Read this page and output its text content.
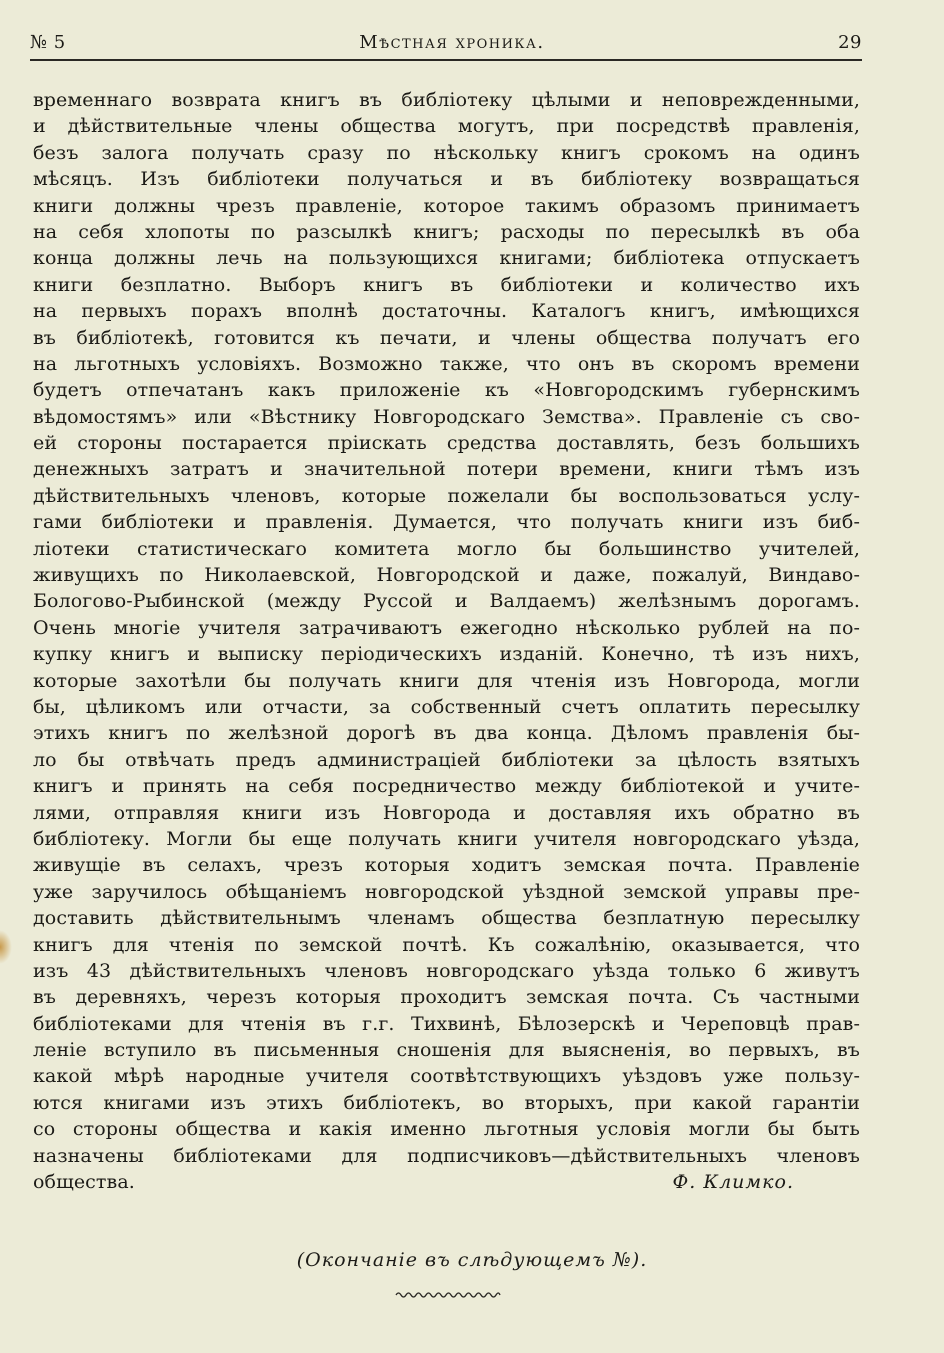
№ 5	Мѣстная хроника.	29
временнаго возврата книгъ въ библіотеку цѣлыми и неповрежденными,
и дѣйствительные члены общества могутъ, при посредствѣ правленія,
безъ залога получать сразу по нѣскольку книгъ срокомъ на одинъ
мѣсяцъ. Изъ библіотеки получаться и въ библіотеку возвращаться
книги должны чрезъ правленіе, которое такимъ образомъ принимаетъ
на себя хлопоты по разсылкѣ книгъ; расходы по пересылкѣ въ оба
конца должны лечь на пользующихся книгами; библіотека отпускаетъ
книги безплатно. Выборъ книгъ въ библіотеки и количество ихъ
на первыхъ порахъ вполнѣ достаточны. Каталогъ книгъ, имѣющихся
въ библіотекѣ, готовится къ печати, и члены общества получатъ его
на льготныхъ условіяхъ. Возможно также, что онъ въ скоромъ времени
будетъ отпечатанъ какъ приложеніе къ «Новгородскимъ губернскимъ
вѣдомостямъ» или «Вѣстнику Новгородскаго Земства». Правленіе съ сво-
ей стороны постарается пріискать средства доставлять, безъ большихъ
денежныхъ затратъ и значительной потери времени, книги тѣмъ изъ
дѣйствительныхъ членовъ, которые пожелали бы воспользоваться услу-
гами библіотеки и правленія. Думается, что получать книги изъ биб-
ліотеки статистическаго комитета могло бы большинство учителей,
живущихъ по Николаевской, Новгородской и даже, пожалуй, Виндаво-
Бологово-Рыбинской (между Руссой и Валдаемъ) желѣзнымъ дорогамъ.
Очень многіе учителя затрачиваютъ ежегодно нѣсколько рублей на по-
купку книгъ и выписку періодическихъ изданій. Конечно, тѣ изъ нихъ,
которые захотѣли бы получать книги для чтенія изъ Новгорода, могли
бы, цѣликомъ или отчасти, за собственный счетъ оплатить пересылку
этихъ книгъ по желѣзной дорогѣ въ два конца. Дѣломъ правленія бы-
ло бы отвѣчать предъ администраціей библіотеки за цѣлость взятыхъ
книгъ и принять на себя посредничество между библіотекой и учите-
лями, отправляя книги изъ Новгорода и доставляя ихъ обратно въ
библіотеку. Могли бы еще получать книги учителя новгородскаго уѣзда,
живущіе въ селахъ, чрезъ которыя ходитъ земская почта. Правленіе
уже заручилось обѣщаніемъ новгородской уѣздной земской управы пре-
доставить дѣйствительнымъ членамъ общества безплатную пересылку
книгъ для чтенія по земской почтѣ. Къ сожалѣнію, оказывается, что
изъ 43 дѣйствительныхъ членовъ новгородскаго уѣзда только 6 живутъ
въ деревняхъ, черезъ которыя проходитъ земская почта. Съ частными
библіотеками для чтенія въ г.г. Тихвинѣ, Бѣлозерскѣ и Череповцѣ прав-
леніе вступило въ письменныя сношенія для выясненія, во первыхъ, въ
какой мѣрѣ народные учителя соотвѣтствующихъ уѣздовъ уже пользу-
ются книгами изъ этихъ библіотекъ, во вторыхъ, при какой гарантіи
со стороны общества и какія именно льготныя условія могли бы быть
назначены библіотеками для подписчиковъ—дѣйствительныхъ членовъ
общества.	Ф. Климко.
(Окончаніе въ слѣдующемъ №).
